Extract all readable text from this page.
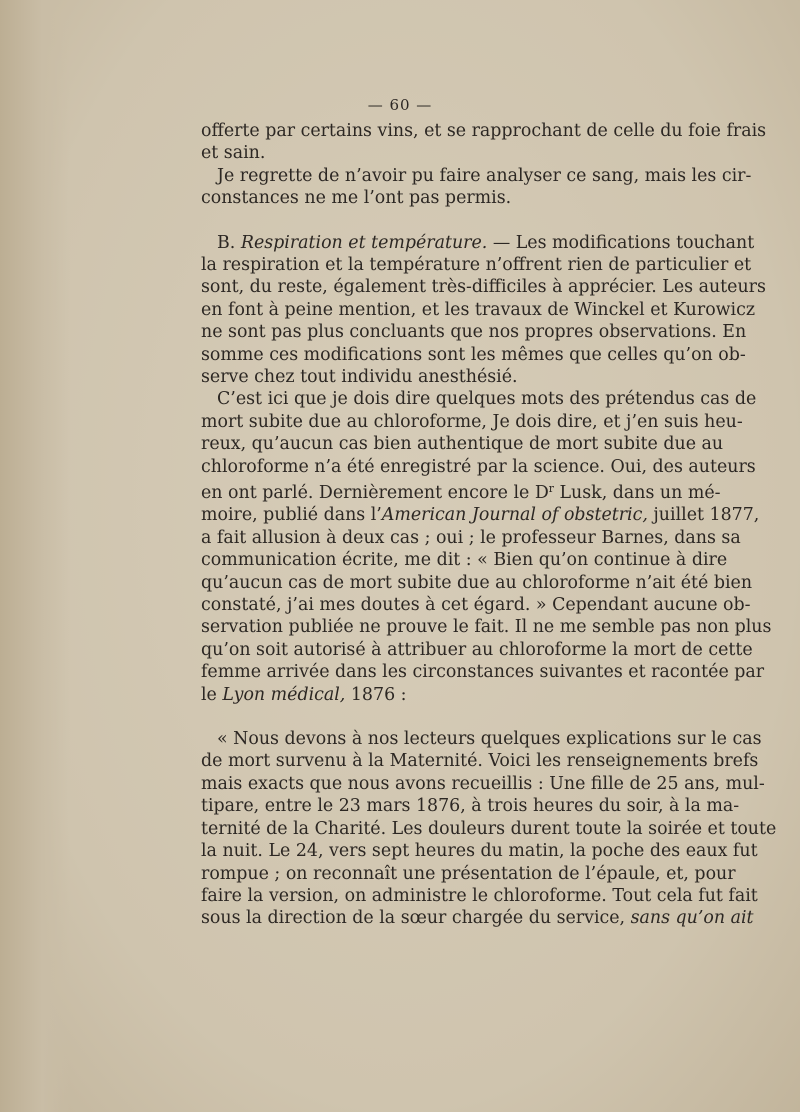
— 60 —
offerte par certains vins, et se rapprochant de celle du foie frais
et sain.
Je regrette de n’avoir pu faire analyser ce sang, mais les cir-
constances ne me l’ont pas permis.
B. Respiration et température. — Les modifications touchant
la respiration et la température n’offrent rien de particulier et
sont, du reste, également très-difficiles à apprécier. Les auteurs
en font à peine mention, et les travaux de Winckel et Kurowicz
ne sont pas plus concluants que nos propres observations. En
somme ces modifications sont les mêmes que celles qu’on ob-
serve chez tout individu anesthésié.
C’est ici que je dois dire quelques mots des prétendus cas de
mort subite due au chloroforme, Je dois dire, et j’en suis heu-
reux, qu’aucun cas bien authentique de mort subite due au
chloroforme n’a été enregistré par la science. Oui, des auteurs
en ont parlé. Dernièrement encore le $D^r$ Lusk, dans un mé-
moire, publié dans l’American Journal of obstetric, juillet 1877,
a fait allusion à deux cas ; oui ; le professeur Barnes, dans sa
communication écrite, me dit : « Bien qu’on continue à dire
qu’aucun cas de mort subite due au chloroforme n’ait été bien
constaté, j’ai mes doutes à cet égard. » Cependant aucune ob-
servation publiée ne prouve le fait. Il ne me semble pas non plus
qu’on soit autorisé à attribuer au chloroforme la mort de cette
femme arrivée dans les circonstances suivantes et racontée par
le Lyon médical, 1876 :
« Nous devons à nos lecteurs quelques explications sur le cas
de mort survenu à la Maternité. Voici les renseignements brefs
mais exacts que nous avons recueillis : Une fille de 25 ans, mul-
tipare, entre le 23 mars 1876, à trois heures du soir, à la ma-
ternité de la Charité. Les douleurs durent toute la soirée et toute
la nuit. Le 24, vers sept heures du matin, la poche des eaux fut
rompue ; on reconnaît une présentation de l’épaule, et, pour
faire la version, on administre le chloroforme. Tout cela fut fait
sous la direction de la sœur chargée du service, sans qu’on ait
